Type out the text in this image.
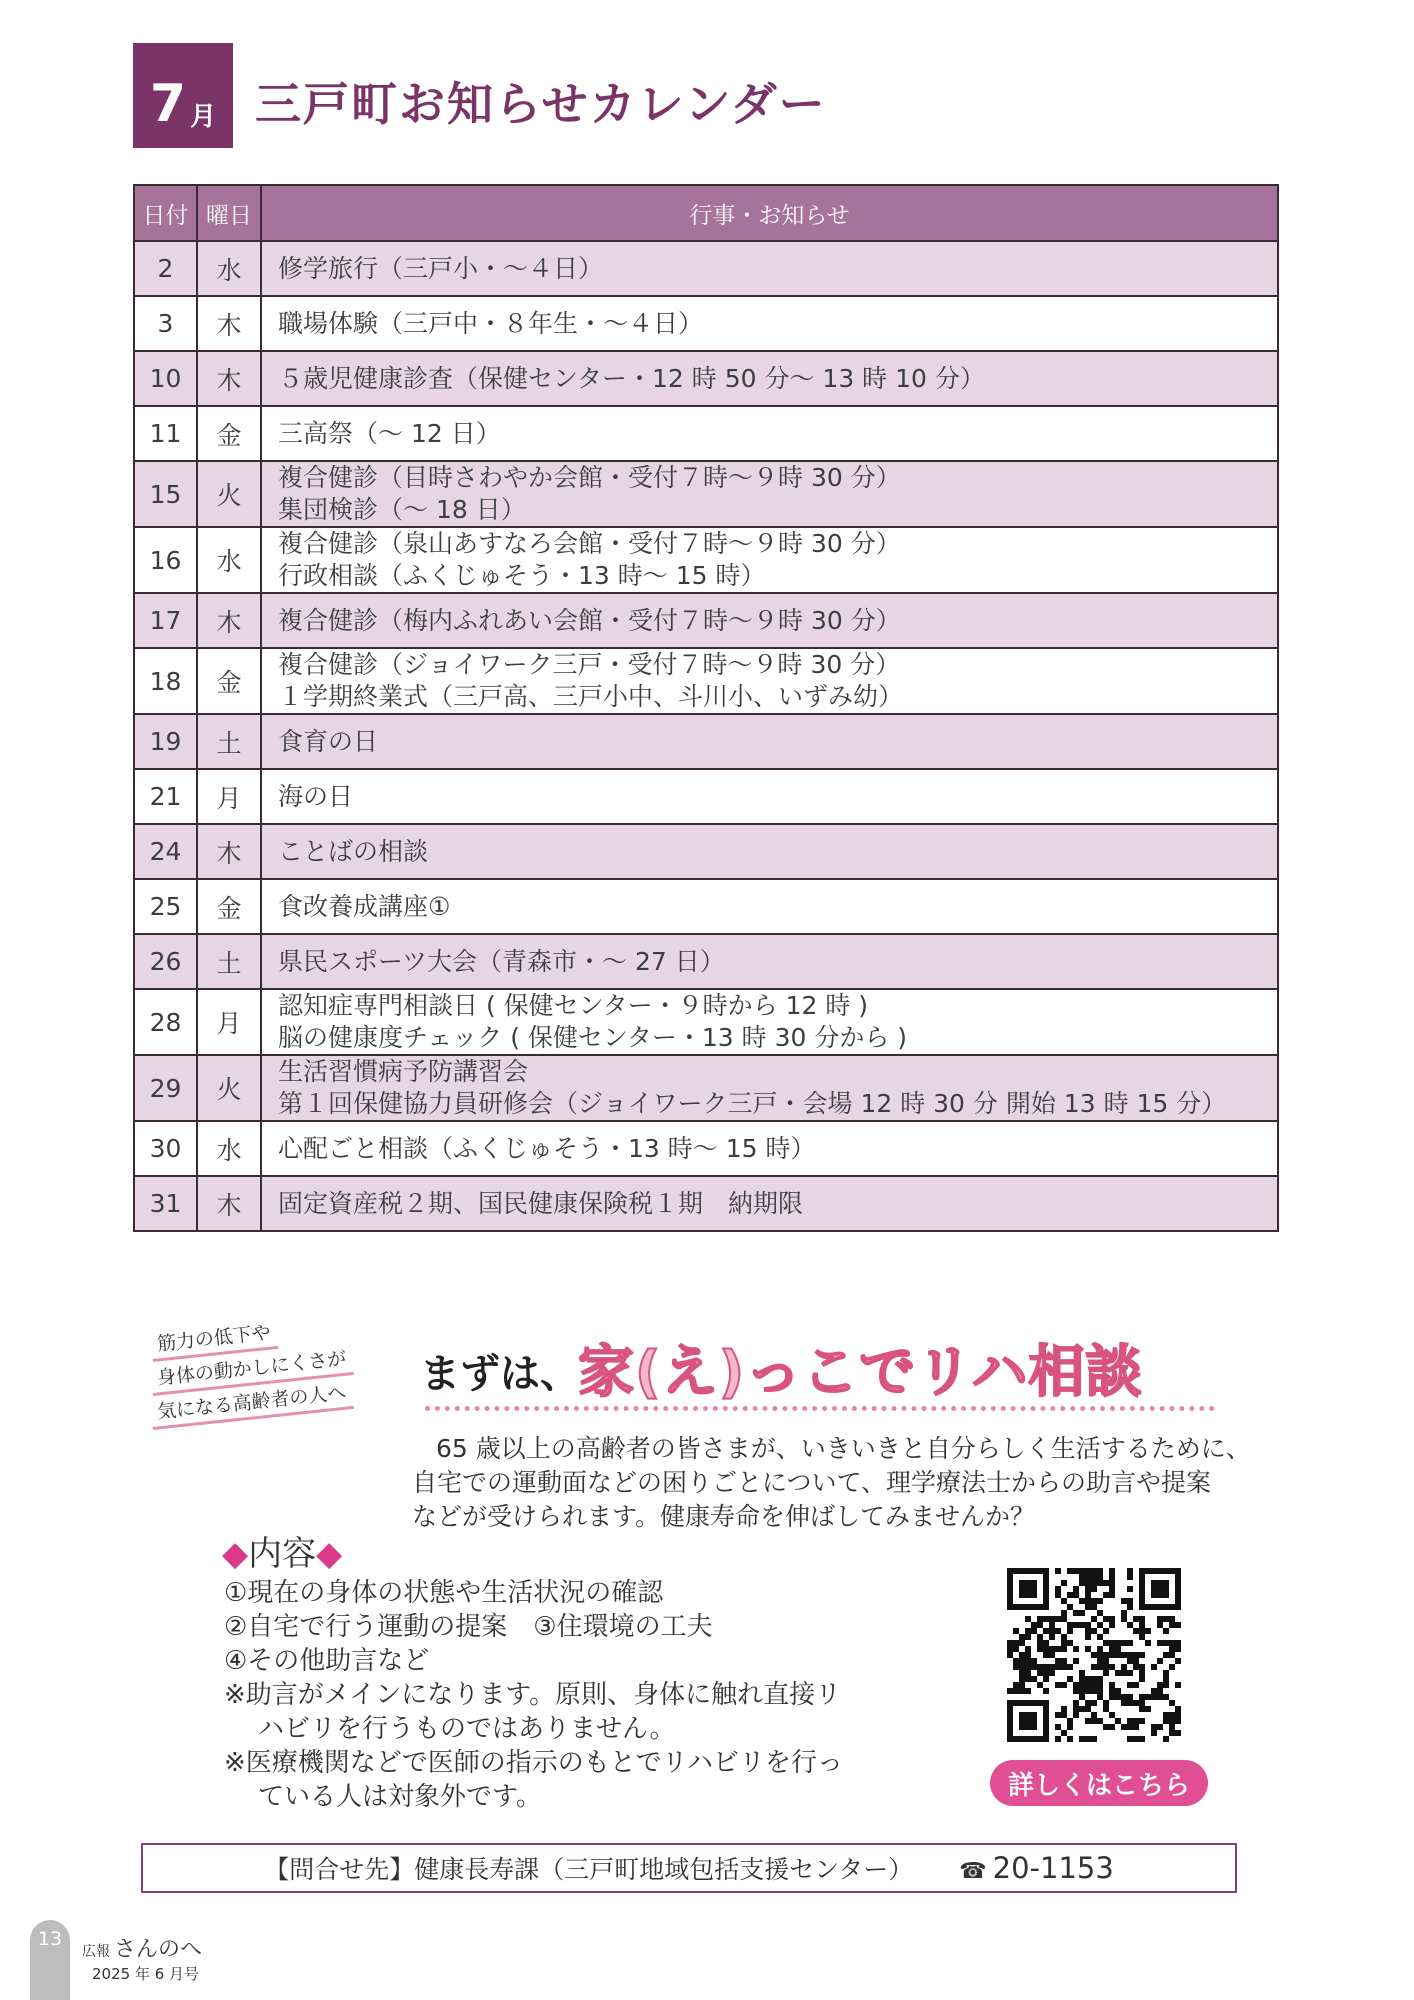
7 月 三戸町お知らせカレンダー
日付	曜日	行事・お知らせ
2	水	修学旅行（三戸小・～４日）

3	木	職場体験（三戸中・８年生・～４日）

10	木	５歳児健康診査（保健センター・12 時 50 分～ 13 時 10 分）

11	金	三高祭（～ 12 日）

15	火	複合健診（目時さわやか会館・受付７時～９時 30 分）
集団検診（～ 18 日）

16	水	複合健診（泉山あすなろ会館・受付７時～９時 30 分）
行政相談（ふくじゅそう・13 時～ 15 時）

17	木	複合健診（梅内ふれあい会館・受付７時～９時 30 分）

18	金	複合健診（ジョイワーク三戸・受付７時～９時 30 分）
１学期終業式（三戸高、三戸小中、斗川小、いずみ幼）

19	土	食育の日

21	月	海の日

24	木	ことばの相談

25	金	食改養成講座①

26	土	県民スポーツ大会（青森市・～ 27 日）

28	月	認知症専門相談日 ( 保健センター・９時から 12 時 )
脳の健康度チェック ( 保健センター・13 時 30 分から )

29	火	生活習慣病予防講習会
第１回保健協力員研修会（ジョイワーク三戸・会場 12 時 30 分 開始 13 時 15 分）

30	水	心配ごと相談（ふくじゅそう・13 時～ 15 時）

31	木	固定資産税２期、国民健康保険税１期　納期限
筋力の低下や
身体の動かしにくさが
気になる高齢者の人へ
まずは、
家(え)っこでリハ相談

65 歳以上の高齢者の皆さまが、いきいきと自分らしく生活するために、

自宅での運動面などの困りごとについて、理学療法士からの助言や提案

などが受けられます。健康寿命を伸ばしてみませんか？

◆内容◆

①現在の身体の状態や生活状況の確認

②自宅で行う運動の提案　③住環境の工夫

④その他助言など

※助言がメインになります。原則、身体に触れ直接リ

ハビリを行うものではありません。

※医療機関などで医師の指示のもとでリハビリを行っ

ている人は対象外です。	詳しくはこちら
【問合せ先】健康長寿課（三戸町地域包括支援センター） ☎ 20-1153
13
広報 さんのへ
2025 年 6 月号
